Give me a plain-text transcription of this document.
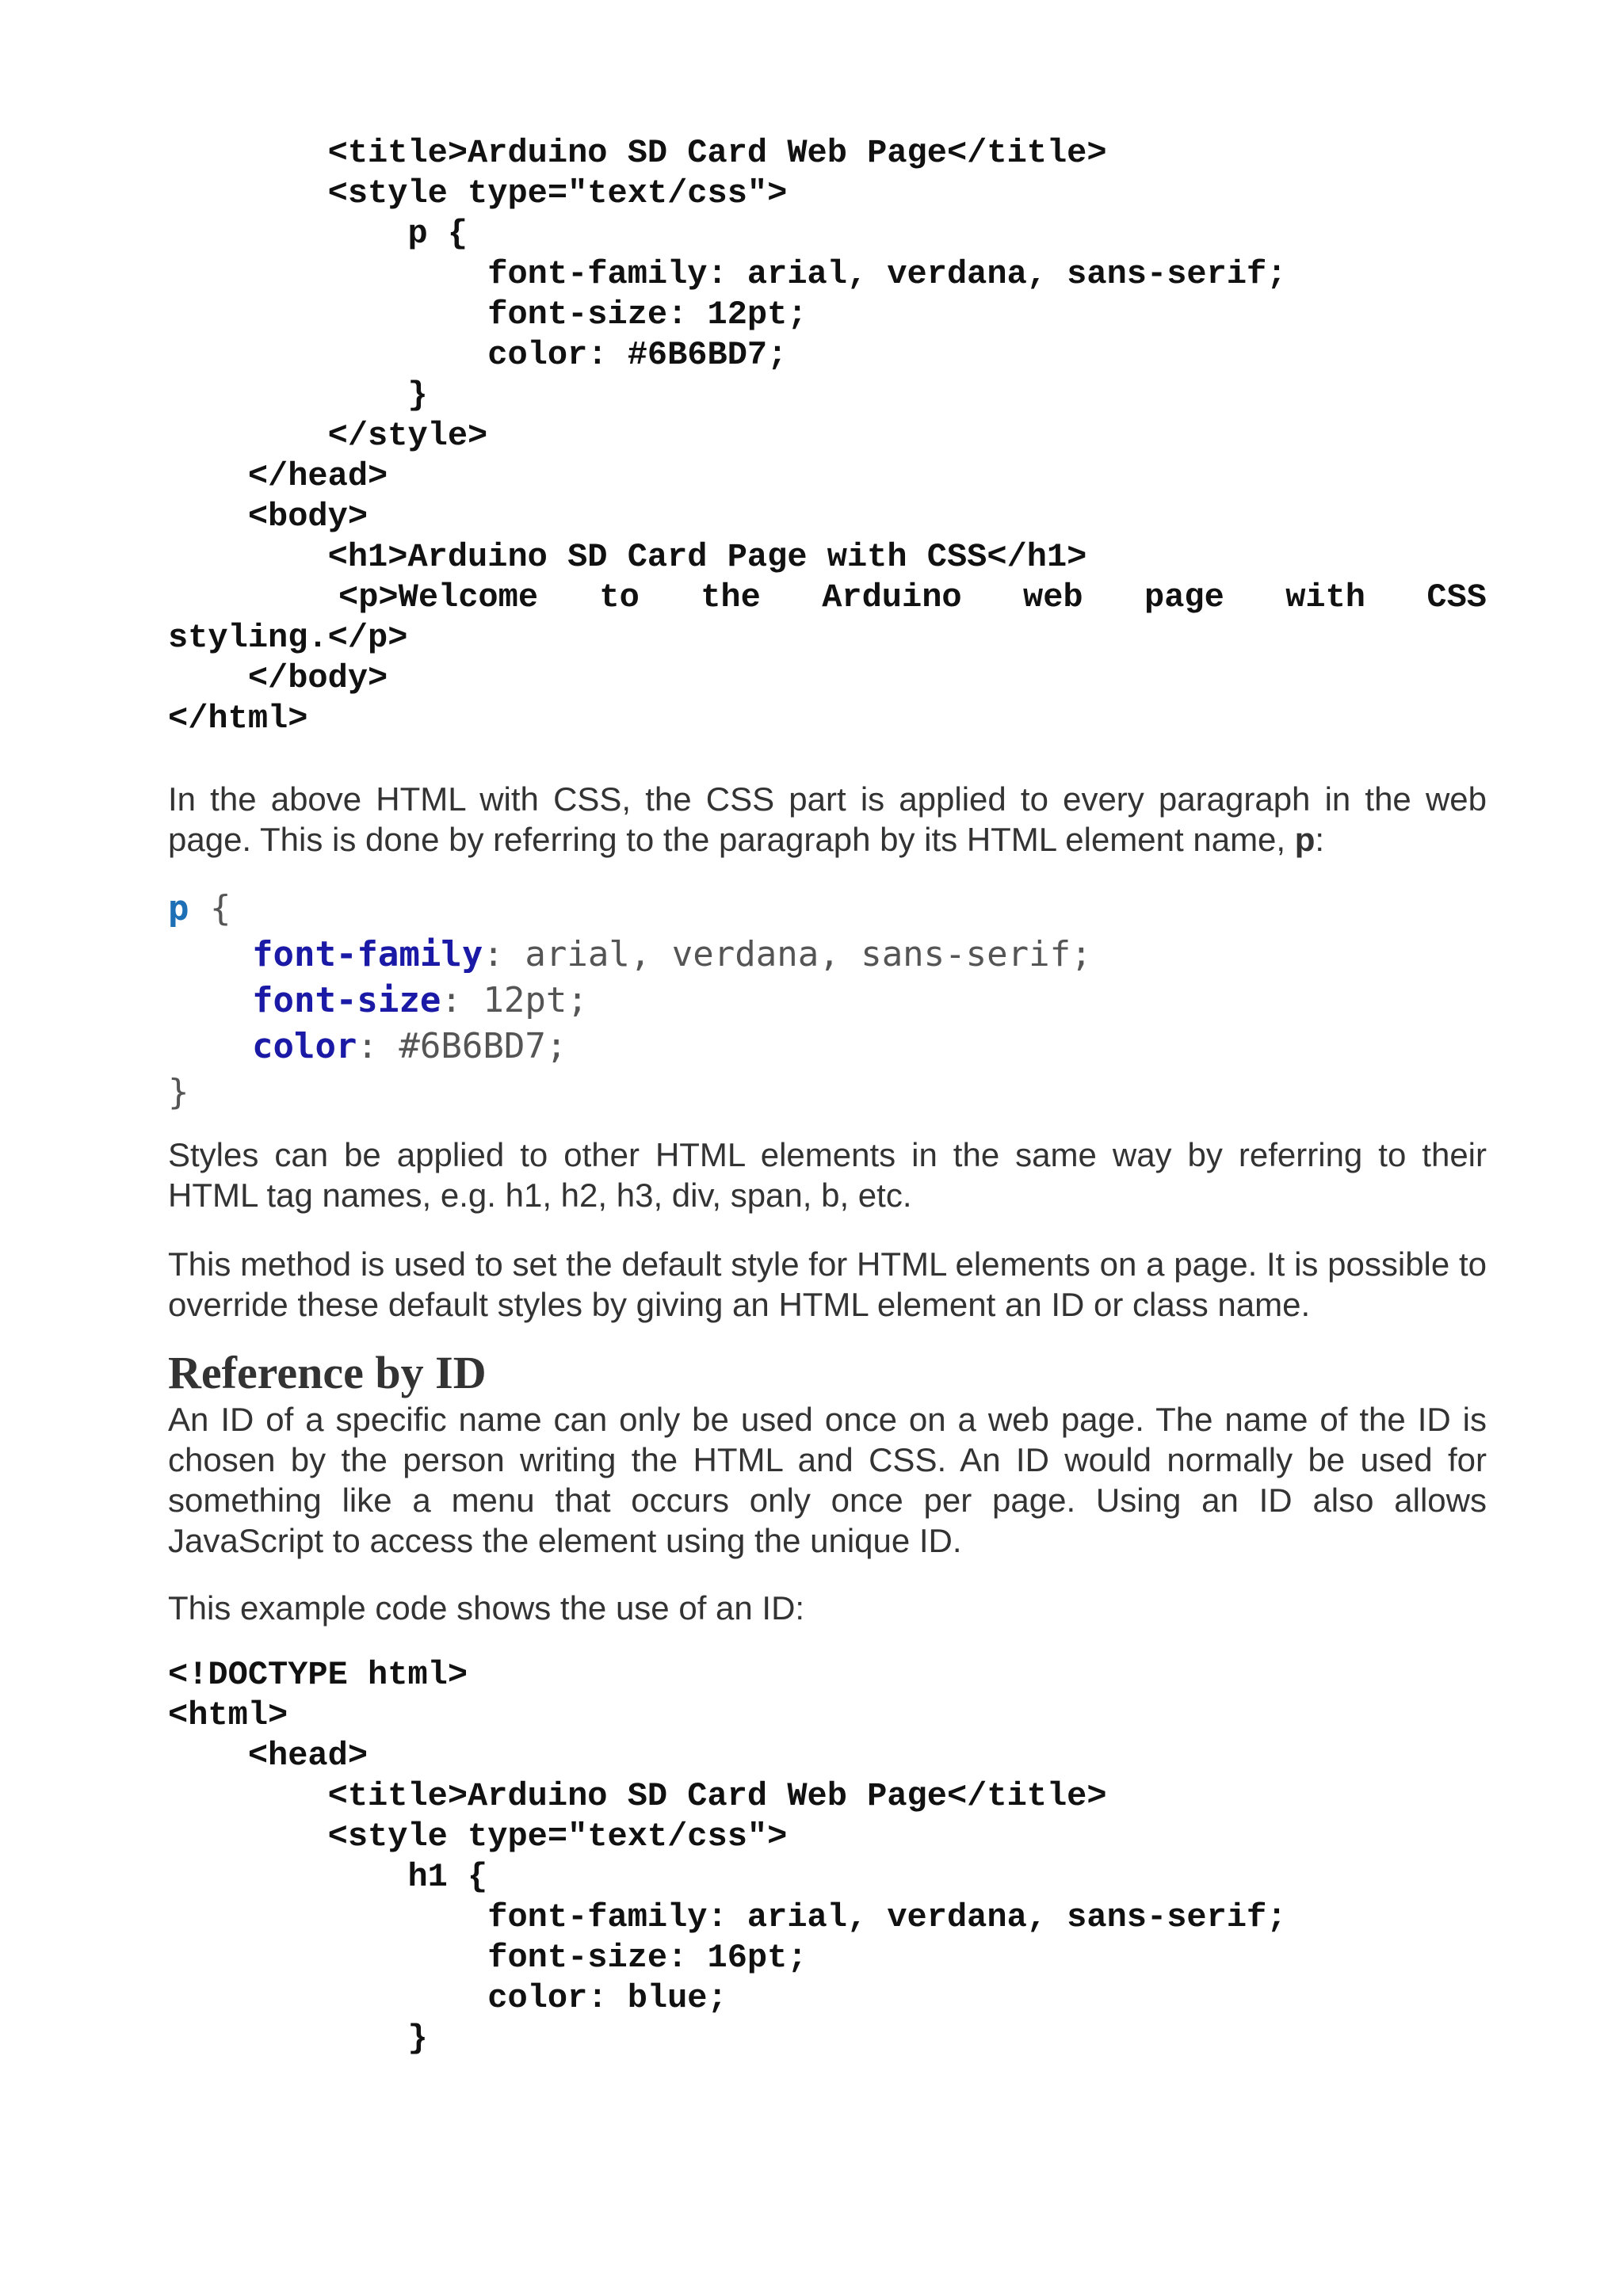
<title>Arduino SD Card Web Page</title>
<style type="text/css">
p {
font-family: arial, verdana, sans-serif;
font-size: 12pt;
color: #6B6BD7;
}
</style>
</head>
<body>
<h1>Arduino SD Card Page with CSS</h1>
<p>Welcome to the Arduino web page with CSS
styling.</p>
</body>
</html>

In the above HTML with CSS, the CSS part is applied to every paragraph in the web page. This is done by referring to the paragraph by its HTML element name, p:

p {
font-family: arial, verdana, sans-serif;
font-size: 12pt;
color: #6B6BD7;
}

Styles can be applied to other HTML elements in the same way by referring to their HTML tag names, e.g. h1, h2, h3, div, span, b, etc.

This method is used to set the default style for HTML elements on a page. It is possible to override these default styles by giving an HTML element an ID or class name.

Reference by ID

An ID of a specific name can only be used once on a web page. The name of the ID is chosen by the person writing the HTML and CSS. An ID would normally be used for something like a menu that occurs only once per page. Using an ID also allows JavaScript to access the element using the unique ID.

This example code shows the use of an ID:

<!DOCTYPE html>
<html>
<head>
<title>Arduino SD Card Web Page</title>
<style type="text/css">
h1 {
font-family: arial, verdana, sans-serif;
font-size: 16pt;
color: blue;
}
